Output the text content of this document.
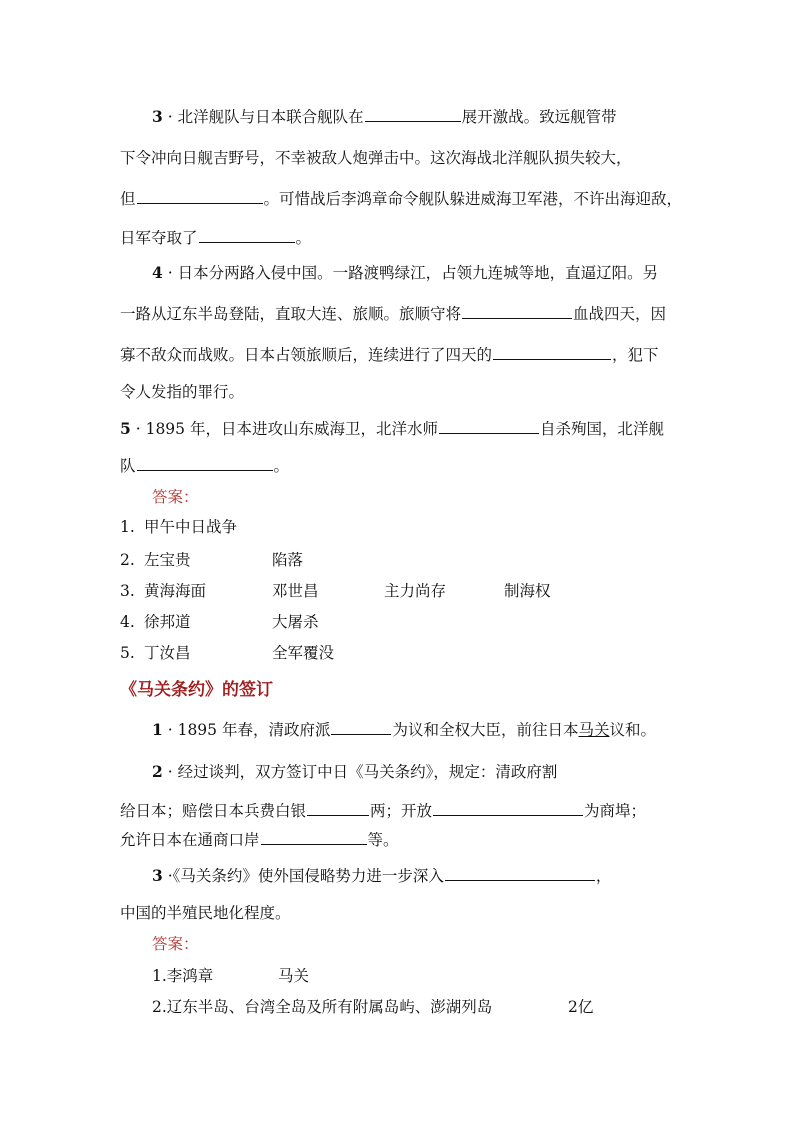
3 · 北洋舰队与日本联合舰队在	展开激战。致远舰管带
下令冲向日舰吉野号，不幸被敌人炮弹击中。这次海战北洋舰队损失较大，
但	。可惜战后李鸿章命令舰队躲进威海卫军港，不许出海迎敌，
日军夺取了	。
4 · 日本分两路入侵中国。一路渡鸭绿江，占领九连城等地，直逼辽阳。另
一路从辽东半岛登陆，直取大连、旅顺。旅顺守将	血战四天，因
寡不敌众而战败。日本占领旅顺后，连续进行了四天的	，犯下
令人发指的罪行。
5 · 1895 年，日本进攻山东威海卫，北洋水师	自杀殉国，北洋舰
队	。
答案：
1. 甲午中日战争
2. 左宝贵	陷落
3. 黄海海面	邓世昌	主力尚存	制海权
4. 徐邦道	大屠杀
5. 丁汝昌	全军覆没
《马关条约》的签订
1 · 1895 年春，清政府派	为议和全权大臣，前往日本马关议和。
2 · 经过谈判，双方签订中日《马关条约》，规定：清政府割
给日本；赔偿日本兵费白银	两；开放	为商埠；
允许日本在通商口岸	等。
3 ·《马关条约》使外国侵略势力进一步深入	，
中国的半殖民地化程度。
答案：
1.李鸿章	马关
2.辽东半岛、台湾全岛及所有附属岛屿、澎湖列岛	2亿
